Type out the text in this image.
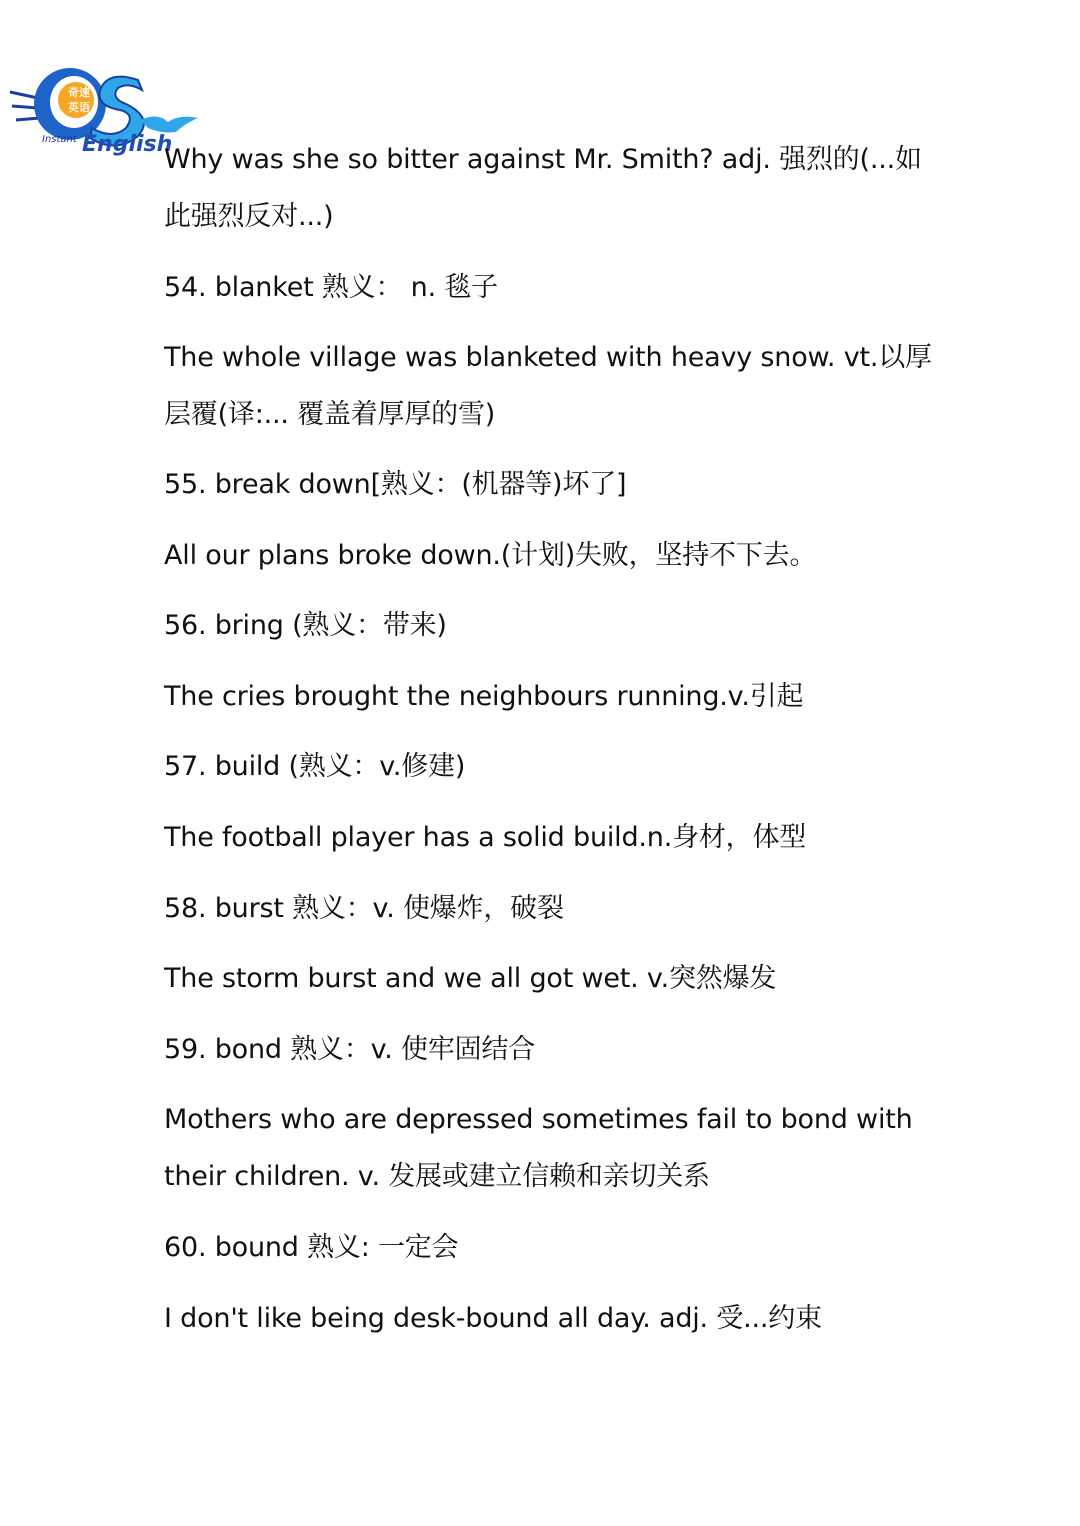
奇速
英语
Instant English
Why was she so bitter against Mr. Smith? adj. 强烈的(...如
此强烈反对...)
54. blanket 熟义： n. 毯子
The whole village was blanketed with heavy snow. vt.以厚
层覆(译:... 覆盖着厚厚的雪)
55. break down[熟义：(机器等)坏了]
All our plans broke down.(计划)失败，坚持不下去。
56. bring (熟义：带来)
The cries brought the neighbours running.v.引起
57. build (熟义：v.修建)
The football player has a solid build.n.身材，体型
58. burst 熟义：v. 使爆炸，破裂
The storm burst and we all got wet. v.突然爆发
59. bond 熟义：v. 使牢固结合
Mothers who are depressed sometimes fail to bond with
their children. v. 发展或建立信赖和亲切关系
60. bound 熟义: 一定会
I don't like being desk-bound all day. adj. 受...约束
